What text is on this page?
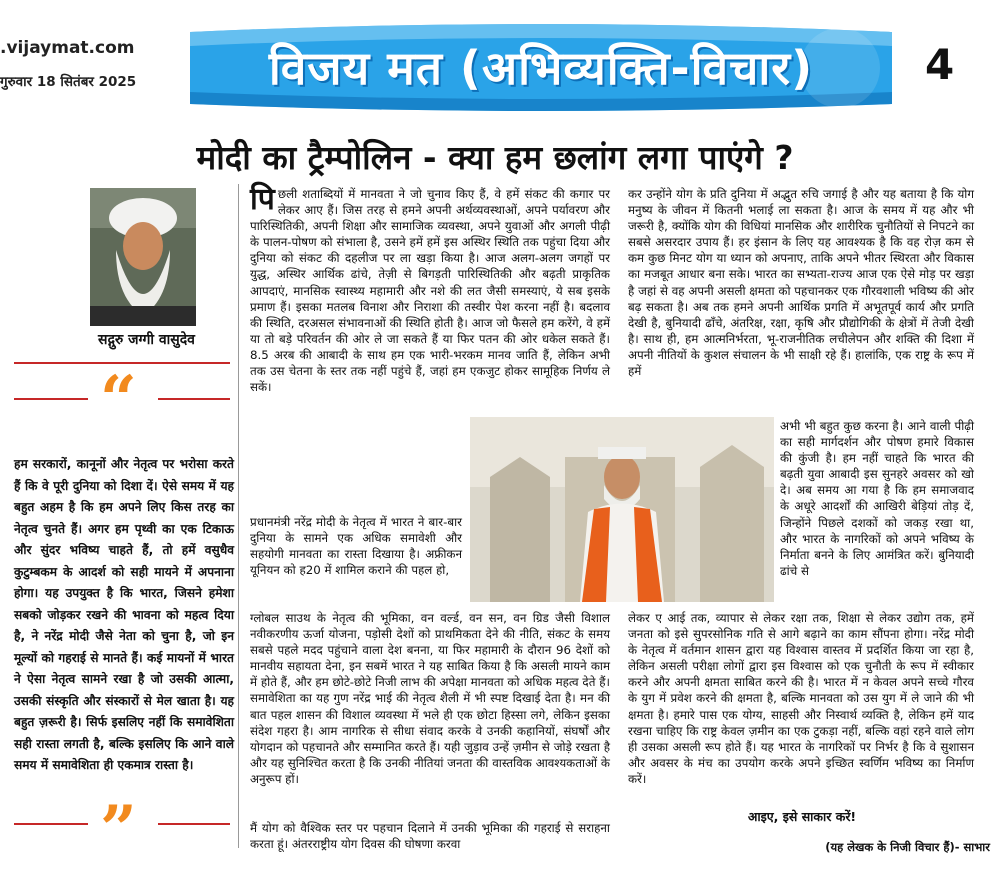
.vijaymat.com
गुरुवार 18 सितंबर 2025	विजय मत (अभिव्यक्ति-विचार)	4
मोदी का ट्रैम्पोलिन - क्या हम छलांग लगा पाएंगे ?
सद्गुरु जग्गी वासुदेव
“
हम सरकारों, कानूनों और नेतृत्व पर भरोसा करते हैं कि वे पूरी दुनिया को दिशा दें। ऐसे समय में यह बहुत अहम है कि हम अपने लिए किस तरह का नेतृत्व चुनते हैं। अगर हम पृथ्वी का एक टिकाऊ और सुंदर भविष्य चाहते हैं, तो हमें वसुधैव कुटुम्बकम के आदर्श को सही मायने में अपनाना होगा। यह उपयुक्त है कि भारत, जिसने हमेशा सबको जोड़कर रखने की भावना को महत्व दिया है, ने नरेंद्र मोदी जैसे नेता को चुना है, जो इन मूल्यों को गहराई से मानते हैं। कई मायनों में भारत ने ऐसा नेतृत्व सामने रखा है जो उसकी आत्मा, उसकी संस्कृति और संस्कारों से मेल खाता है। यह बहुत ज़रूरी है। सिर्फ इसलिए नहीं कि समावेशिता सही रास्ता लगती है, बल्कि इसलिए कि आने वाले समय में समावेशिता ही एकमात्र रास्ता है।
”
पिछली शताब्दियों में मानवता ने जो चुनाव किए हैं, वे हमें संकट की कगार पर लेकर आए हैं। जिस तरह से हमने अपनी अर्थव्यवस्थाओं, अपने पर्यावरण और पारिस्थितिकी, अपनी शिक्षा और सामाजिक व्यवस्था, अपने युवाओं और अगली पीढ़ी के पालन-पोषण को संभाला है, उसने हमें हमें इस अस्थिर स्थिति तक पहुंचा दिया और दुनिया को संकट की दहलीज पर ला खड़ा किया है। आज अलग-अलग जगहों पर युद्ध, अस्थिर आर्थिक ढांचे, तेज़ी से बिगड़ती पारिस्थितिकी और बढ़ती प्राकृतिक आपदाएं, मानसिक स्वास्थ्य महामारी और नशे की लत जैसी समस्याएं, ये सब इसके प्रमाण हैं। इसका मतलब विनाश और निराशा की तस्वीर पेश करना नहीं है। बदलाव की स्थिति, दरअसल संभावनाओं की स्थिति होती है। आज जो फैसले हम करेंगे, वे हमें या तो बड़े परिवर्तन की ओर ले जा सकते हैं या फिर पतन की ओर धकेल सकते हैं। 8.5 अरब की आबादी के साथ हम एक भारी-भरकम मानव जाति हैं, लेकिन अभी तक उस चेतना के स्तर तक नहीं पहुंचे हैं, जहां हम एकजुट होकर सामूहिक निर्णय ले सकें।
प्रधानमंत्री नरेंद्र मोदी के नेतृत्व में भारत ने बार-बार दुनिया के सामने एक अधिक समावेशी और सहयोगी मानवता का रास्ता दिखाया है। अफ्रीकन यूनियन को ह20 में शामिल कराने की पहल हो,
ग्लोबल साउथ के नेतृत्व की भूमिका, वन वर्ल्ड, वन सन, वन ग्रिड जैसी विशाल नवीकरणीय ऊर्जा योजना, पड़ोसी देशों को प्राथमिकता देने की नीति, संकट के समय सबसे पहले मदद पहुंचाने वाला देश बनना, या फिर महामारी के दौरान 96 देशों को मानवीय सहायता देना, इन सबमें भारत ने यह साबित किया है कि असली मायने काम में होते हैं, और हम छोटे-छोटे निजी लाभ की अपेक्षा मानवता को अधिक महत्व देते हैं। समावेशिता का यह गुण नरेंद्र भाई की नेतृत्व शैली में भी स्पष्ट दिखाई देता है। मन की बात पहल शासन की विशाल व्यवस्था में भले ही एक छोटा हिस्सा लगे, लेकिन इसका संदेश गहरा है। आम नागरिक से सीधा संवाद करके वे उनकी कहानियों, संघर्षों और योगदान को पहचानते और सम्मानित करते हैं। यही जुड़ाव उन्हें ज़मीन से जोड़े रखता है और यह सुनिश्चित करता है कि उनकी नीतियां जनता की वास्तविक आवश्यकताओं के अनुरूप हों।
मैं योग को वैश्विक स्तर पर पहचान दिलाने में उनकी भूमिका की गहराई से सराहना करता हूं। अंतरराष्ट्रीय योग दिवस की घोषणा करवा
कर उन्होंने योग के प्रति दुनिया में अद्भुत रुचि जगाई है और यह बताया है कि योग मनुष्य के जीवन में कितनी भलाई ला सकता है। आज के समय में यह और भी जरूरी है, क्योंकि योग की विधियां मानसिक और शारीरिक चुनौतियों से निपटने का सबसे असरदार उपाय हैं। हर इंसान के लिए यह आवश्यक है कि वह रोज़ कम से कम कुछ मिनट योग या ध्यान को अपनाए, ताकि अपने भीतर स्थिरता और विकास का मजबूत आधार बना सके। भारत का सभ्यता-राज्य आज एक ऐसे मोड़ पर खड़ा है जहां से वह अपनी असली क्षमता को पहचानकर एक गौरवशाली भविष्य की ओर बढ़ सकता है। अब तक हमने अपनी आर्थिक प्रगति में अभूतपूर्व कार्य और प्रगति देखी है, बुनियादी ढाँचे, अंतरिक्ष, रक्षा, कृषि और प्रौद्योगिकी के क्षेत्रों में तेजी देखी है। साथ ही, हम आत्मनिर्भरता, भू-राजनीतिक लचीलेपन और शक्ति की दिशा में अपनी नीतियों के कुशल संचालन के भी साक्षी रहे हैं। हालांकि, एक राष्ट्र के रूप में हमें
अभी भी बहुत कुछ करना है। आने वाली पीढ़ी का सही मार्गदर्शन और पोषण हमारे विकास की कुंजी है। हम नहीं चाहते कि भारत की बढ़ती युवा आबादी इस सुनहरे अवसर को खो दे। अब समय आ गया है कि हम समाजवाद के अधूरे आदर्शों की आखिरी बेड़ियां तोड़ दें, जिन्होंने पिछले दशकों को जकड़ रखा था, और भारत के नागरिकों को अपने भविष्य के निर्माता बनने के लिए आमंत्रित करें। बुनियादी ढांचे से
लेकर ए आई तक, व्यापार से लेकर रक्षा तक, शिक्षा से लेकर उद्योग तक, हमें जनता को इसे सुपरसोनिक गति से आगे बढ़ाने का काम सौंपना होगा। नरेंद्र मोदी के नेतृत्व में वर्तमान शासन द्वारा यह विश्वास वास्तव में प्रदर्शित किया जा रहा है, लेकिन असली परीक्षा लोगों द्वारा इस विश्वास को एक चुनौती के रूप में स्वीकार करने और अपनी क्षमता साबित करने की है। भारत में न केवल अपने सच्चे गौरव के युग में प्रवेश करने की क्षमता है, बल्कि मानवता को उस युग में ले जाने की भी क्षमता है। हमारे पास एक योग्य, साहसी और निस्वार्थ व्यक्ति है, लेकिन हमें याद रखना चाहिए कि राष्ट्र केवल ज़मीन का एक टुकड़ा नहीं, बल्कि वहां रहने वाले लोग ही उसका असली रूप होते हैं। यह भारत के नागरिकों पर निर्भर है कि वे सुशासन और अवसर के मंच का उपयोग करके अपने इच्छित स्वर्णिम भविष्य का निर्माण करें।
आइए, इसे साकार करें!
(यह लेखक के निजी विचार हैं)- साभार
